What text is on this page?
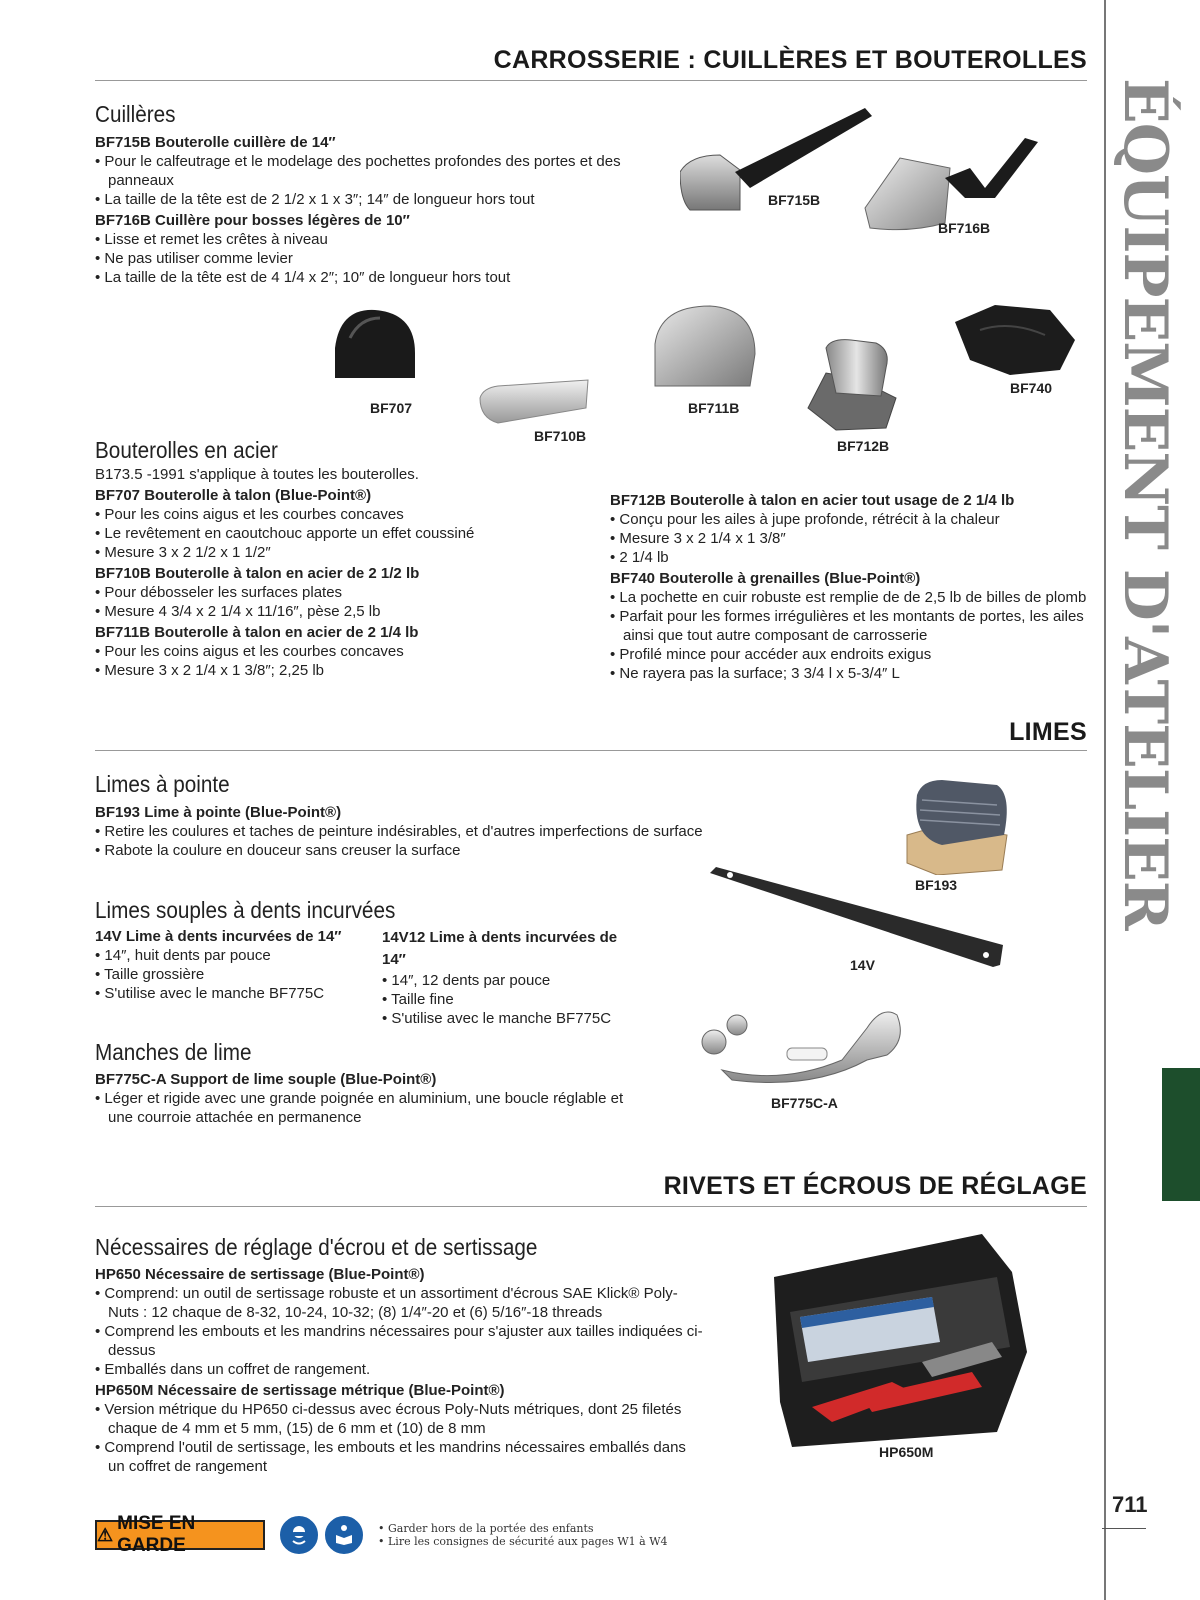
ÉQUIPEMENT D'ATELIER
711
CARROSSERIE : CUILLÈRES ET BOUTEROLLES
Cuillères
BF715B Bouterolle cuillère de 14″
• Pour le calfeutrage et le modelage des pochettes profondes des portes et des panneaux
• La taille de la tête est de 2 1/2 x 1 x 3″; 14″ de longueur hors tout
BF716B Cuillère pour bosses légères de 10″
• Lisse et remet les crêtes à niveau
• Ne pas utiliser comme levier
• La taille de la tête est de 4 1/4 x 2″; 10″ de longueur hors tout
BF715B
BF716B
BF707
BF710B
BF711B
BF712B
BF740
Bouterolles en acier
B173.5 -1991 s'applique à toutes les bouterolles.
BF707 Bouterolle à talon (Blue-Point®)
• Pour les coins aigus et les courbes concaves
• Le revêtement en caoutchouc apporte un effet coussiné
• Mesure 3 x 2 1/2 x 1 1/2″
BF710B Bouterolle à talon en acier de 2 1/2 lb
• Pour débosseler les surfaces plates
• Mesure 4 3/4 x 2 1/4 x 11/16″, pèse 2,5 lb
BF711B Bouterolle à talon en acier de 2 1/4 lb
• Pour les coins aigus et les courbes concaves
• Mesure 3 x 2 1/4 x 1 3/8″; 2,25 lb
BF712B Bouterolle à talon en acier tout usage de 2 1/4 lb
• Conçu pour les ailes à jupe profonde, rétrécit à la chaleur
• Mesure 3 x 2 1/4 x 1 3/8″
• 2 1/4 lb
BF740 Bouterolle à grenailles (Blue-Point®)
• La pochette en cuir robuste est remplie de de 2,5 lb de billes de plomb
• Parfait pour les formes irrégulières et les montants de portes, les ailes ainsi que tout autre composant de carrosserie
• Profilé mince pour accéder aux endroits exigus
• Ne rayera pas la surface; 3 3/4 l x 5-3/4″ L
LIMES
Limes à pointe
BF193 Lime à pointe (Blue-Point®)
• Retire les coulures et taches de peinture indésirables, et d'autres imperfections de surface
• Rabote la coulure en douceur sans creuser la surface
Limes souples à dents incurvées
14V Lime à dents incurvées de 14″
• 14″, huit dents par pouce
• Taille grossière
• S'utilise avec le manche BF775C
14V12 Lime à dents incurvées de 14″
• 14″, 12 dents par pouce
• Taille fine
• S'utilise avec le manche BF775C
Manches de lime
BF775C-A Support de lime souple (Blue-Point®)
• Léger et rigide avec une grande poignée en aluminium, une boucle réglable et une courroie attachée en permanence
BF193
14V
BF775C-A
RIVETS ET ÉCROUS DE RÉGLAGE
Nécessaires de réglage d'écrou et de sertissage
HP650 Nécessaire de sertissage (Blue-Point®)
• Comprend: un outil de sertissage robuste et un assortiment d'écrous SAE Klick® Poly-Nuts : 12 chaque de 8-32, 10-24, 10-32; (8) 1/4″-20 et (6) 5/16″-18 threads
• Comprend les embouts et les mandrins nécessaires pour s'ajuster aux tailles indiquées ci-dessus
• Emballés dans un coffret de rangement.
HP650M Nécessaire de sertissage métrique (Blue-Point®)
• Version métrique du HP650 ci-dessus avec écrous Poly-Nuts métriques, dont 25 filetés chaque de 4 mm et 5 mm, (15) de 6 mm et (10) de 8 mm
• Comprend l'outil de sertissage, les embouts et les mandrins nécessaires emballés dans un coffret de rangement
HP650M
⚠
MISE EN GARDE
• Garder hors de la portée des enfants
• Lire les consignes de sécurité aux pages W1 à W4
